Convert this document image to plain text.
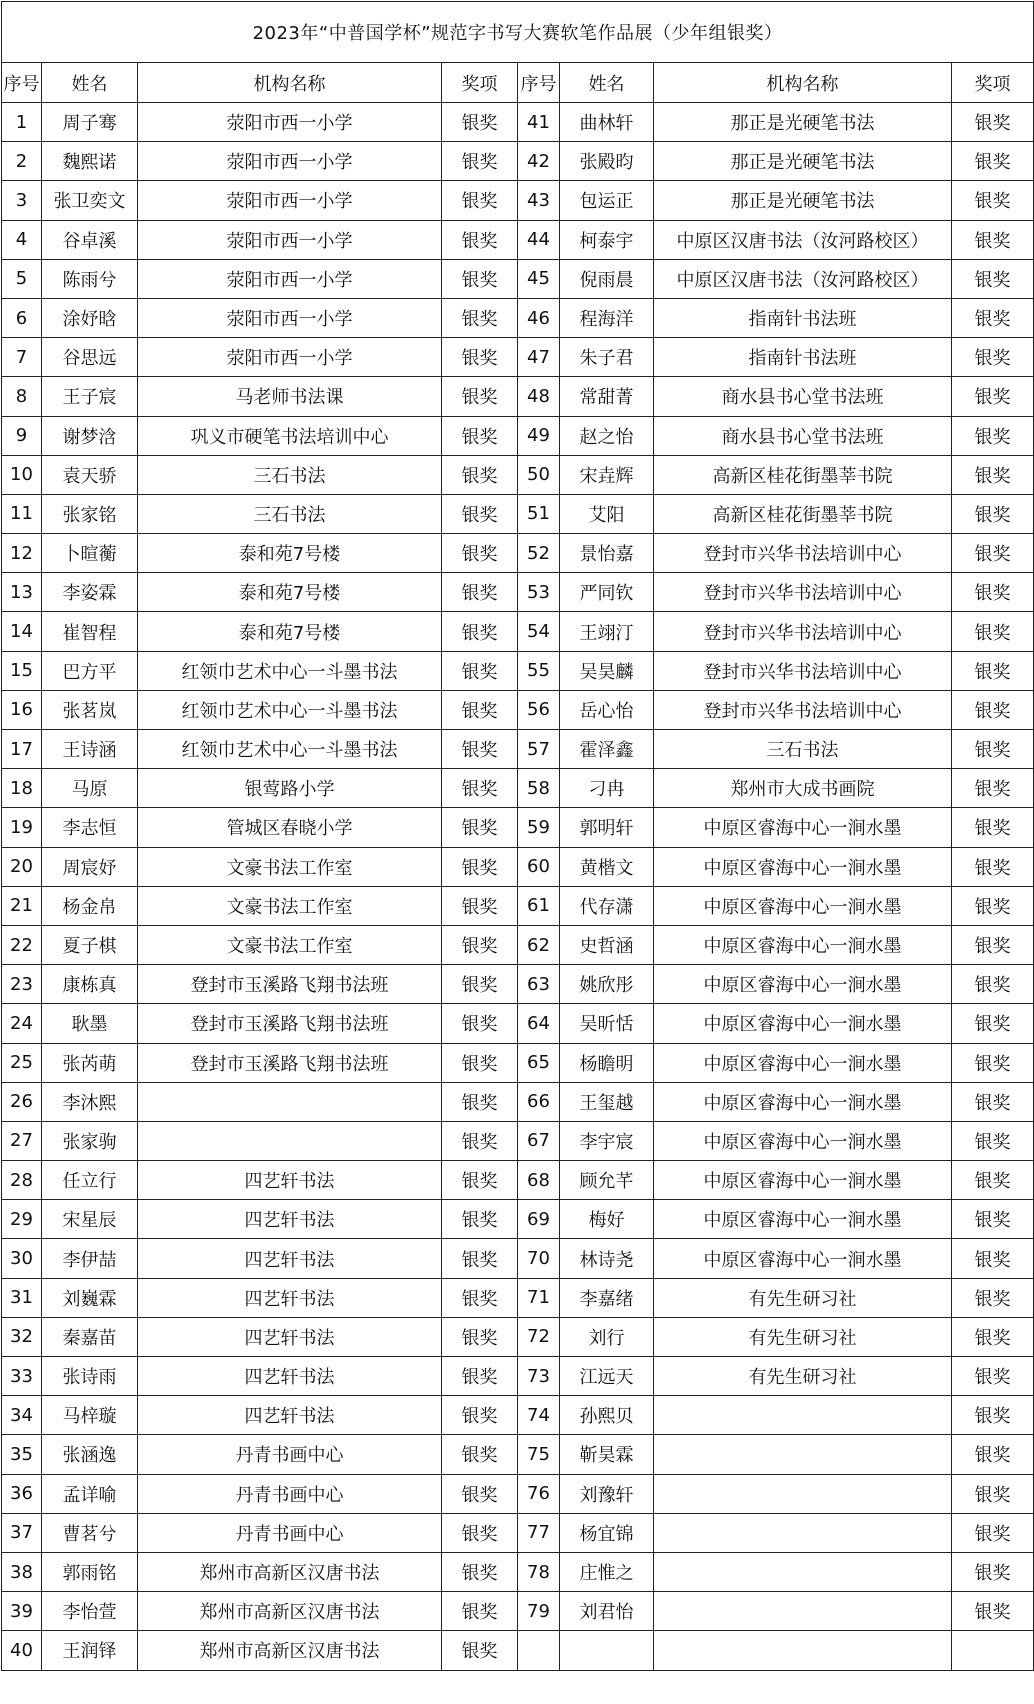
2023年“中普国学杯”规范字书写大赛软笔作品展（少年组银奖）							
序号	姓名	机构名称	奖项	序号	姓名	机构名称	奖项
1	周子骞	荥阳市西一小学	银奖	41	曲林轩	那正是光硬笔书法	银奖
2	魏熙诺	荥阳市西一小学	银奖	42	张殿昀	那正是光硬笔书法	银奖
3	张卫奕文	荥阳市西一小学	银奖	43	包运正	那正是光硬笔书法	银奖
4	谷卓溪	荥阳市西一小学	银奖	44	柯泰宇	中原区汉唐书法（汝河路校区）	银奖
5	陈雨兮	荥阳市西一小学	银奖	45	倪雨晨	中原区汉唐书法（汝河路校区）	银奖
6	涂妤晗	荥阳市西一小学	银奖	46	程海洋	指南针书法班	银奖
7	谷思远	荥阳市西一小学	银奖	47	朱子君	指南针书法班	银奖
8	王子宸	马老师书法课	银奖	48	常甜菁	商水县书心堂书法班	银奖
9	谢梦浛	巩义市硬笔书法培训中心	银奖	49	赵之怡	商水县书心堂书法班	银奖
10	袁天骄	三石书法	银奖	50	宋垚辉	高新区桂花街墨莘书院	银奖
11	张家铭	三石书法	银奖	51	艾阳	高新区桂花街墨莘书院	银奖
12	卜暄蘅	泰和苑7号楼	银奖	52	景怡嘉	登封市兴华书法培训中心	银奖
13	李姿霖	泰和苑7号楼	银奖	53	严同钦	登封市兴华书法培训中心	银奖
14	崔智程	泰和苑7号楼	银奖	54	王翊汀	登封市兴华书法培训中心	银奖
15	巴方平	红领巾艺术中心一斗墨书法	银奖	55	吴昊麟	登封市兴华书法培训中心	银奖
16	张茗岚	红领巾艺术中心一斗墨书法	银奖	56	岳心怡	登封市兴华书法培训中心	银奖
17	王诗涵	红领巾艺术中心一斗墨书法	银奖	57	霍泽鑫	三石书法	银奖
18	马原	银莺路小学	银奖	58	刁冉	郑州市大成书画院	银奖
19	李志恒	管城区春晓小学	银奖	59	郭明轩	中原区睿海中心一涧水墨	银奖
20	周宸妤	文豪书法工作室	银奖	60	黄楷文	中原区睿海中心一涧水墨	银奖
21	杨金帛	文豪书法工作室	银奖	61	代存潇	中原区睿海中心一涧水墨	银奖
22	夏子棋	文豪书法工作室	银奖	62	史哲涵	中原区睿海中心一涧水墨	银奖
23	康栋真	登封市玉溪路飞翔书法班	银奖	63	姚欣彤	中原区睿海中心一涧水墨	银奖
24	耿墨	登封市玉溪路飞翔书法班	银奖	64	吴昕恬	中原区睿海中心一涧水墨	银奖
25	张芮萌	登封市玉溪路飞翔书法班	银奖	65	杨瞻明	中原区睿海中心一涧水墨	银奖
26	李沐熙		银奖	66	王玺越	中原区睿海中心一涧水墨	银奖
27	张家驹		银奖	67	李宇宸	中原区睿海中心一涧水墨	银奖
28	任立行	四艺轩书法	银奖	68	顾允芊	中原区睿海中心一涧水墨	银奖
29	宋星辰	四艺轩书法	银奖	69	梅好	中原区睿海中心一涧水墨	银奖
30	李伊喆	四艺轩书法	银奖	70	林诗尧	中原区睿海中心一涧水墨	银奖
31	刘巍霖	四艺轩书法	银奖	71	李嘉绪	有先生研习社	银奖
32	秦嘉苗	四艺轩书法	银奖	72	刘行	有先生研习社	银奖
33	张诗雨	四艺轩书法	银奖	73	江远天	有先生研习社	银奖
34	马梓璇	四艺轩书法	银奖	74	孙熙贝		银奖
35	张涵逸	丹青书画中心	银奖	75	靳昊霖		银奖
36	孟详喻	丹青书画中心	银奖	76	刘豫轩		银奖
37	曹茗兮	丹青书画中心	银奖	77	杨宜锦		银奖
38	郭雨铭	郑州市高新区汉唐书法	银奖	78	庄惟之		银奖
39	李怡萱	郑州市高新区汉唐书法	银奖	79	刘君怡		银奖
40	王润铎	郑州市高新区汉唐书法	银奖				
